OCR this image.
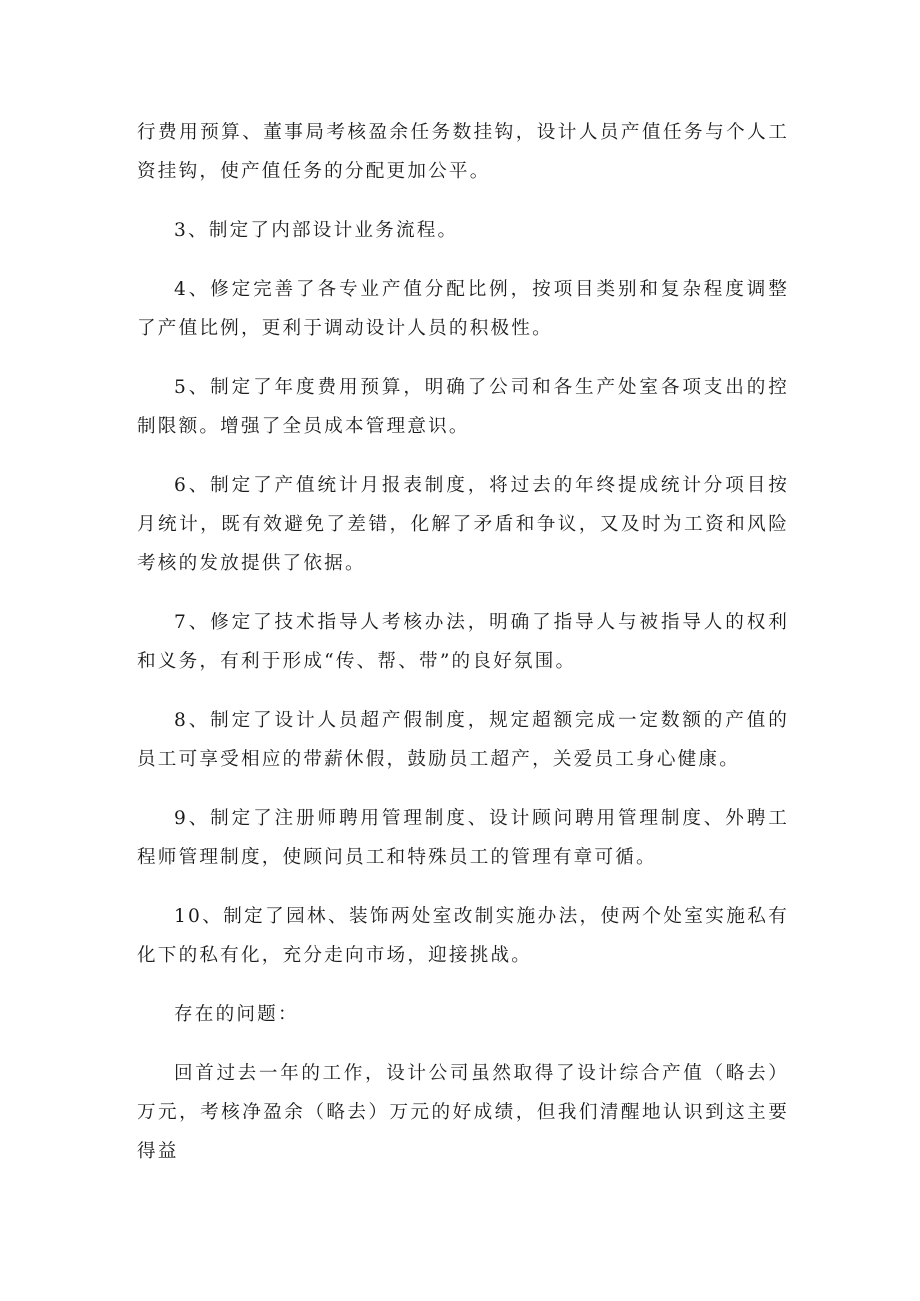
行费用预算、董事局考核盈余任务数挂钩，设计人员产值任务与个人工资挂钩，使产值任务的分配更加公平。

3、制定了内部设计业务流程。

4、修定完善了各专业产值分配比例，按项目类别和复杂程度调整了产值比例，更利于调动设计人员的积极性。

5、制定了年度费用预算，明确了公司和各生产处室各项支出的控制限额。增强了全员成本管理意识。

6、制定了产值统计月报表制度，将过去的年终提成统计分项目按月统计，既有效避免了差错，化解了矛盾和争议，又及时为工资和风险考核的发放提供了依据。

7、修定了技术指导人考核办法，明确了指导人与被指导人的权利和义务，有利于形成“传、帮、带”的良好氛围。

8、制定了设计人员超产假制度，规定超额完成一定数额的产值的员工可享受相应的带薪休假，鼓励员工超产，关爱员工身心健康。

9、制定了注册师聘用管理制度、设计顾问聘用管理制度、外聘工程师管理制度，使顾问员工和特殊员工的管理有章可循。

10、制定了园林、装饰两处室改制实施办法，使两个处室实施私有化下的私有化，充分走向市场，迎接挑战。

存在的问题：

回首过去一年的工作，设计公司虽然取得了设计综合产值（略去）万元，考核净盈余（略去）万元的好成绩，但我们清醒地认识到这主要得益
